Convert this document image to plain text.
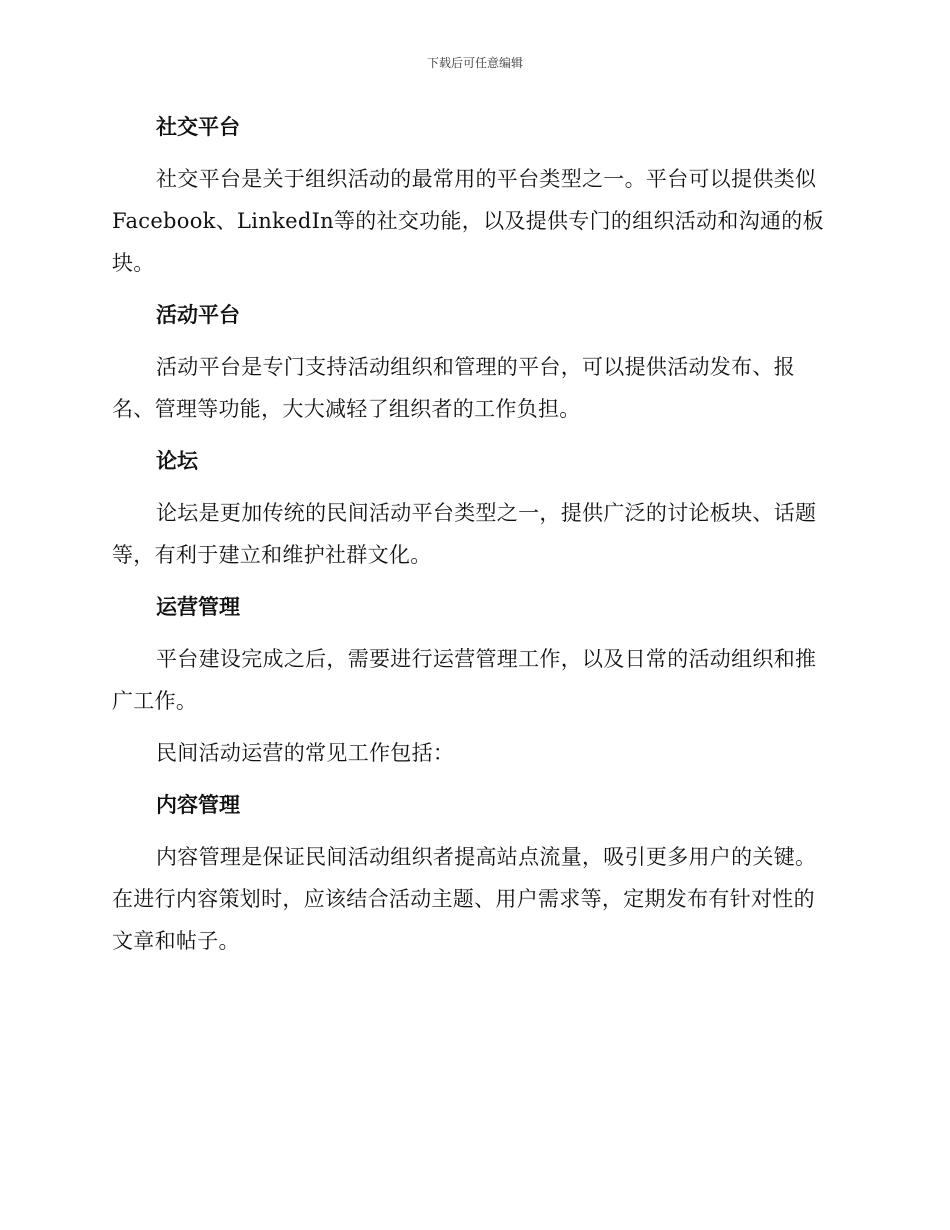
下载后可任意编辑
社交平台

社交平台是关于组织活动的最常用的平台类型之一。平台可以提供类似Facebook、LinkedIn等的社交功能，以及提供专门的组织活动和沟通的板块。

活动平台

活动平台是专门支持活动组织和管理的平台，可以提供活动发布、报名、管理等功能，大大减轻了组织者的工作负担。

论坛

论坛是更加传统的民间活动平台类型之一，提供广泛的讨论板块、话题等，有利于建立和维护社群文化。

运营管理

平台建设完成之后，需要进行运营管理工作，以及日常的活动组织和推广工作。

民间活动运营的常见工作包括：

内容管理

内容管理是保证民间活动组织者提高站点流量，吸引更多用户的关键。在进行内容策划时，应该结合活动主题、用户需求等，定期发布有针对性的文章和帖子。
